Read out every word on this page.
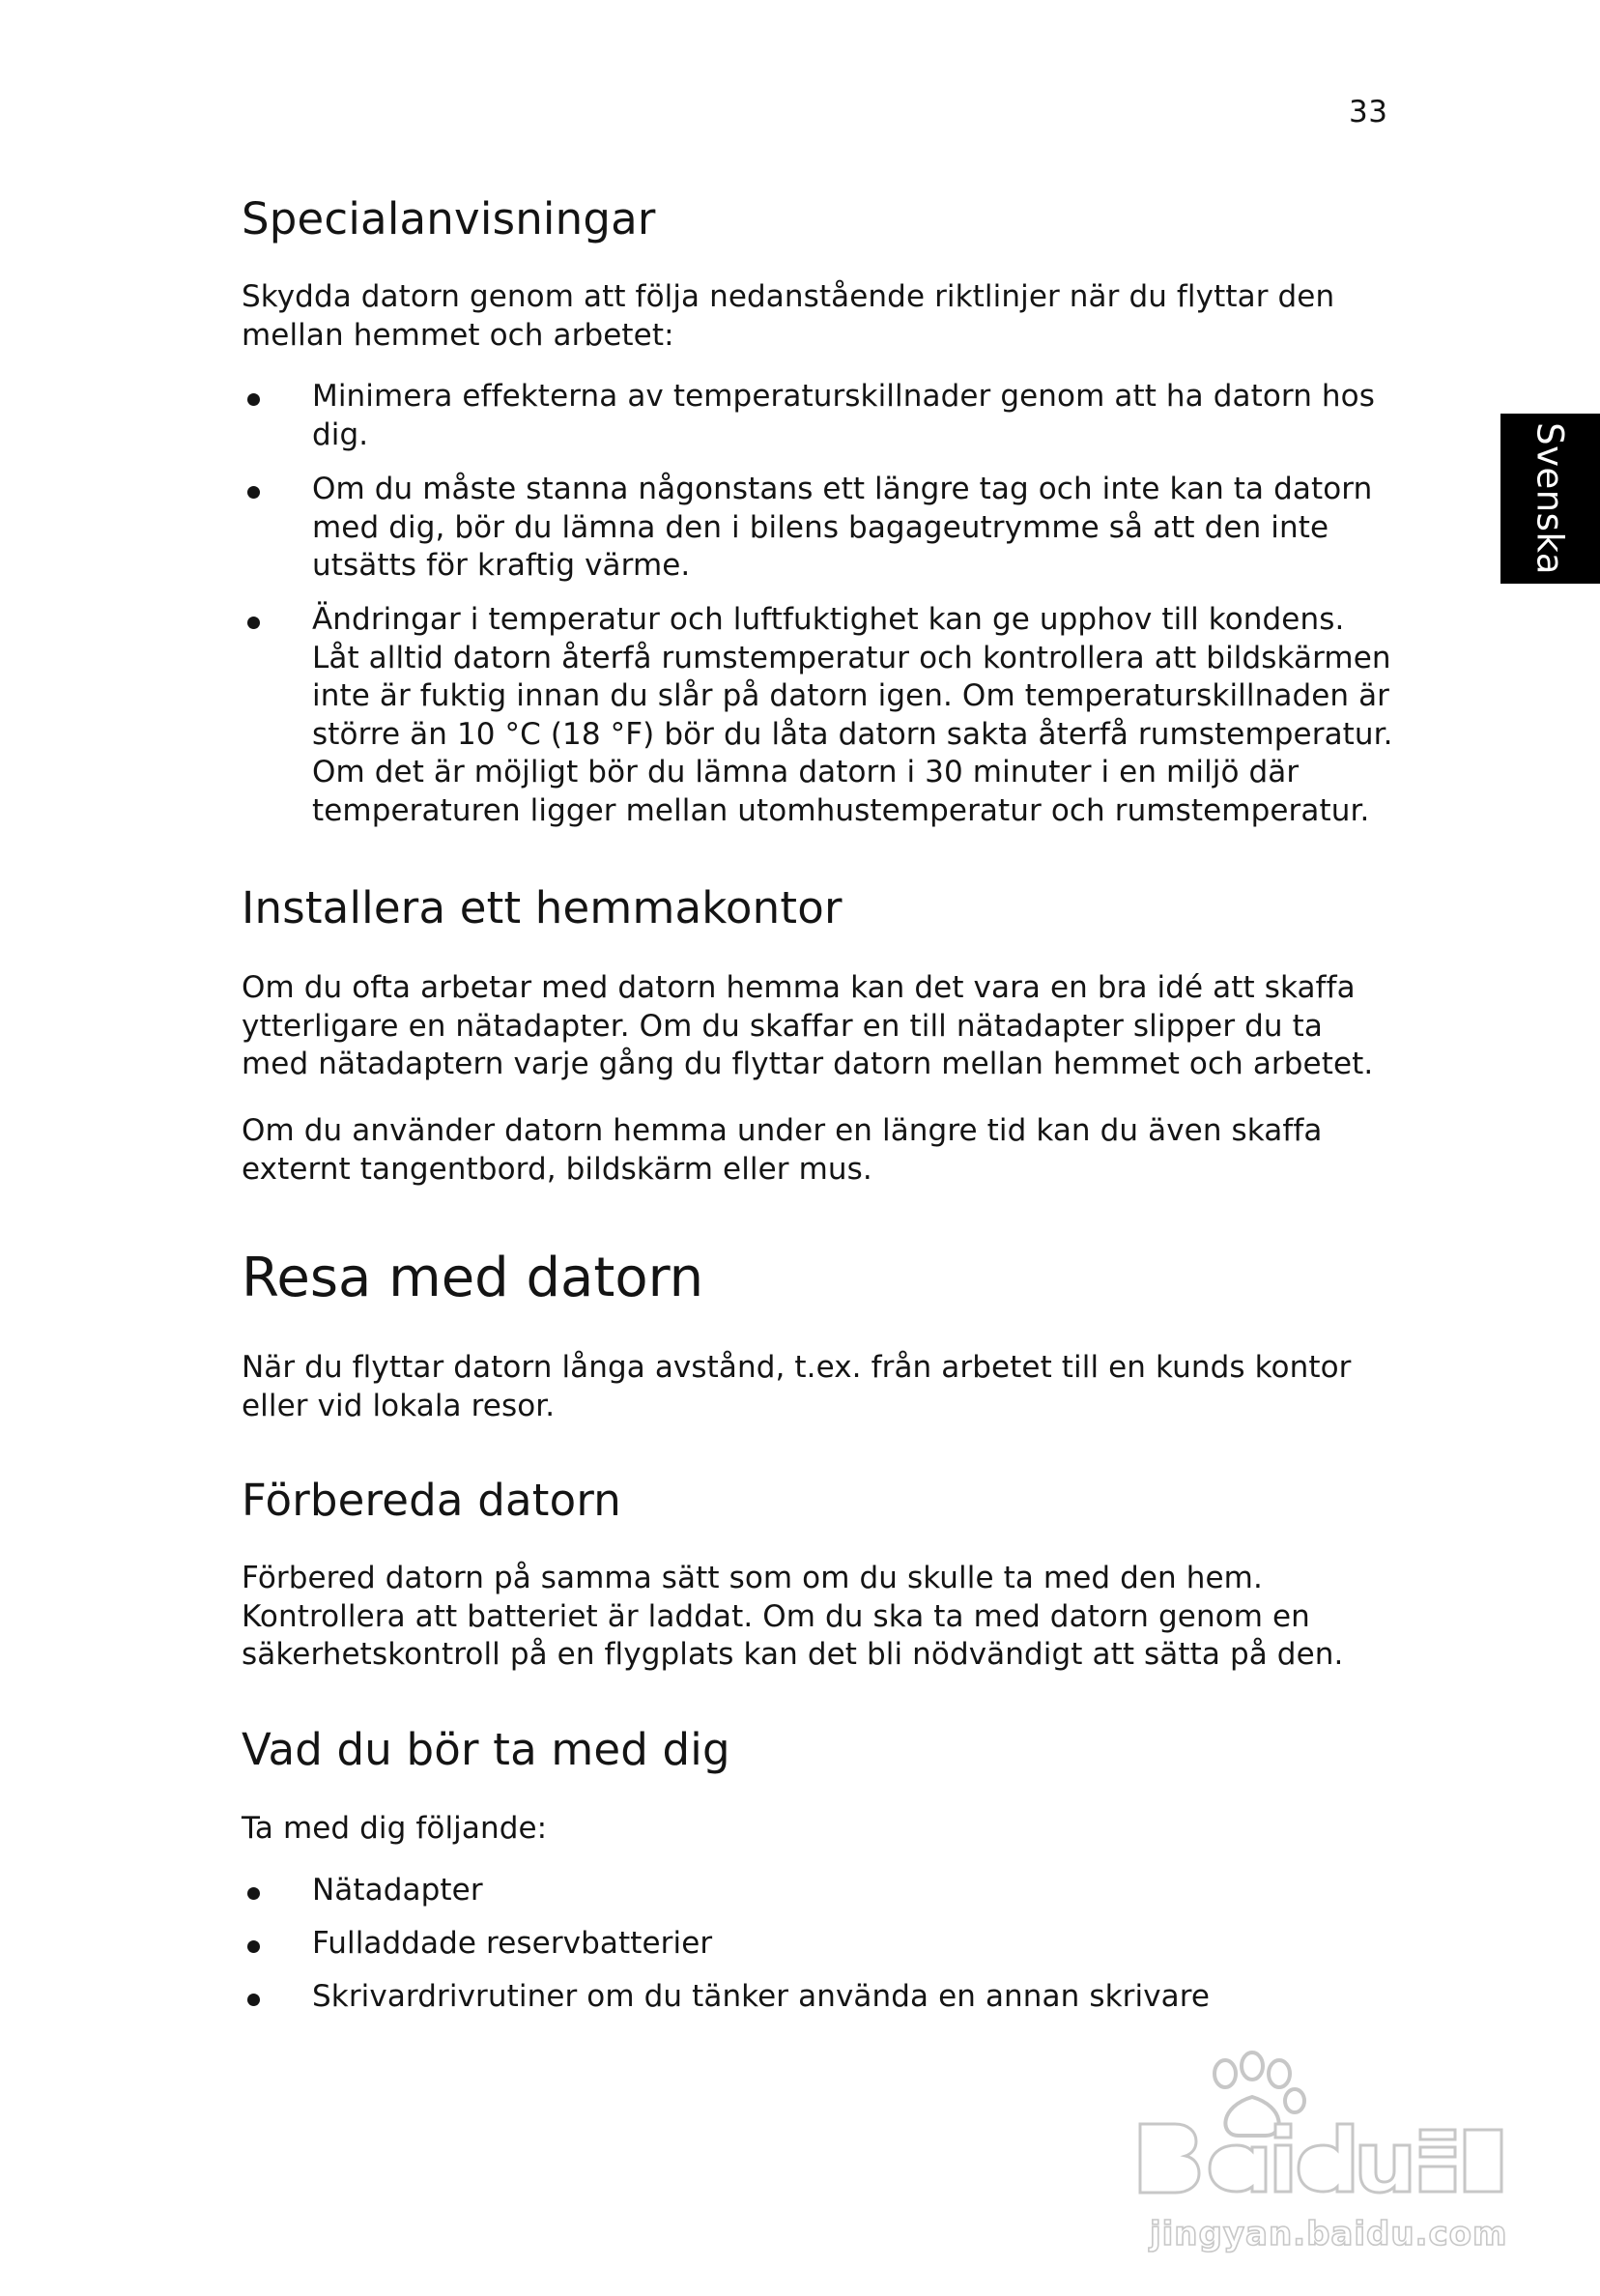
33
Svenska
Specialanvisningar

Skydda datorn genom att följa nedanstående riktlinjer när du flyttar den mellan hemmet och arbetet:

Minimera effekterna av temperaturskillnader genom att ha datorn hos dig.
Om du måste stanna någonstans ett längre tag och inte kan ta datorn med dig, bör du lämna den i bilens bagageutrymme så att den inte utsätts för kraftig värme.
Ändringar i temperatur och luftfuktighet kan ge upphov till kondens. Låt alltid datorn återfå rumstemperatur och kontrollera att bildskärmen inte är fuktig innan du slår på datorn igen. Om temperaturskillnaden är större än 10 °C (18 °F) bör du låta datorn sakta återfå rumstemperatur. Om det är möjligt bör du lämna datorn i 30 minuter i en miljö där temperaturen ligger mellan utomhustemperatur och rumstemperatur.
Installera ett hemmakontor

Om du ofta arbetar med datorn hemma kan det vara en bra idé att skaffa ytterligare en nätadapter. Om du skaffar en till nätadapter slipper du ta med nätadaptern varje gång du flyttar datorn mellan hemmet och arbetet.

Om du använder datorn hemma under en längre tid kan du även skaffa externt tangentbord, bildskärm eller mus.

Resa med datorn

När du flyttar datorn långa avstånd, t.ex. från arbetet till en kunds kontor eller vid lokala resor.

Förbereda datorn

Förbered datorn på samma sätt som om du skulle ta med den hem. Kontrollera att batteriet är laddat. Om du ska ta med datorn genom en säkerhetskontroll på en flygplats kan det bli nödvändigt att sätta på den.

Vad du bör ta med dig

Ta med dig följande:

Nätadapter
Fulladdade reservbatterier
Skrivardrivrutiner om du tänker använda en annan skrivare
jingyan.baidu.com
